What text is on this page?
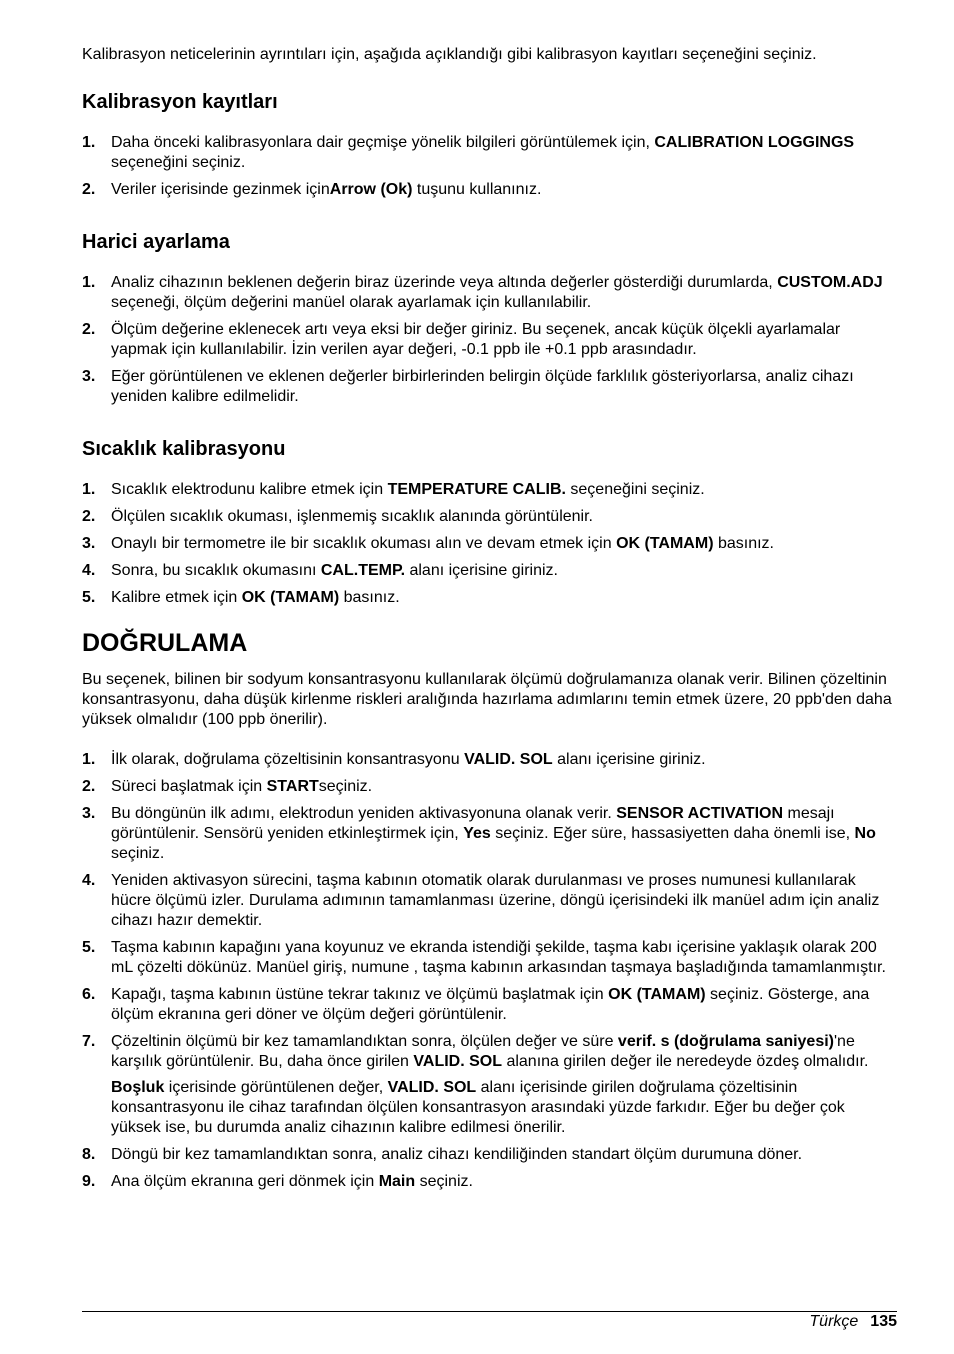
Kalibrasyon neticelerinin ayrıntıları için, aşağıda açıklandığı gibi kalibrasyon kayıtları seçeneğini seçiniz.

Kalibrasyon kayıtları
1. Daha önceki kalibrasyonlara dair geçmişe yönelik bilgileri görüntülemek için, CALIBRATION LOGGINGS seçeneğini seçiniz.
2. Veriler içerisinde gezinmek içinArrow (Ok) tuşunu kullanınız.
Harici ayarlama
1. Analiz cihazının beklenen değerin biraz üzerinde veya altında değerler gösterdiği durumlarda, CUSTOM.ADJ seçeneği, ölçüm değerini manüel olarak ayarlamak için kullanılabilir.
2. Ölçüm değerine eklenecek artı veya eksi bir değer giriniz. Bu seçenek, ancak küçük ölçekli ayarlamalar yapmak için kullanılabilir. İzin verilen ayar değeri, -0.1 ppb ile +0.1 ppb arasındadır.
3. Eğer görüntülenen ve eklenen değerler birbirlerinden belirgin ölçüde farklılık gösteriyorlarsa, analiz cihazı yeniden kalibre edilmelidir.
Sıcaklık kalibrasyonu
1. Sıcaklık elektrodunu kalibre etmek için TEMPERATURE CALIB. seçeneğini seçiniz.
2. Ölçülen sıcaklık okuması, işlenmemiş sıcaklık alanında görüntülenir.
3. Onaylı bir termometre ile bir sıcaklık okuması alın ve devam etmek için OK (TAMAM) basınız.
4. Sonra, bu sıcaklık okumasını CAL.TEMP. alanı içerisine giriniz.
5. Kalibre etmek için OK (TAMAM) basınız.
DOĞRULAMA

Bu seçenek, bilinen bir sodyum konsantrasyonu kullanılarak ölçümü doğrulamanıza olanak verir. Bilinen çözeltinin konsantrasyonu, daha düşük kirlenme riskleri aralığında hazırlama adımlarını temin etmek üzere, 20 ppb'den daha yüksek olmalıdır (100 ppb önerilir).

1. İlk olarak, doğrulama çözeltisinin konsantrasyonu VALID. SOL alanı içerisine giriniz.
2. Süreci başlatmak için STARTseçiniz.
3. Bu döngünün ilk adımı, elektrodun yeniden aktivasyonuna olanak verir. SENSOR ACTIVATION mesajı görüntülenir. Sensörü yeniden etkinleştirmek için, Yes seçiniz. Eğer süre, hassasiyetten daha önemli ise, No seçiniz.
4. Yeniden aktivasyon sürecini, taşma kabının otomatik olarak durulanması ve proses numunesi kullanılarak hücre ölçümü izler. Durulama adımının tamamlanması üzerine, döngü içerisindeki ilk manüel adım için analiz cihazı hazır demektir.
5. Taşma kabının kapağını yana koyunuz ve ekranda istendiği şekilde, taşma kabı içerisine yaklaşık olarak 200 mL çözelti dökünüz. Manüel giriş, numune , taşma kabının arkasından taşmaya başladığında tamamlanmıştır.
6. Kapağı, taşma kabının üstüne tekrar takınız ve ölçümü başlatmak için OK (TAMAM) seçiniz. Gösterge, ana ölçüm ekranına geri döner ve ölçüm değeri görüntülenir.
7. Çözeltinin ölçümü bir kez tamamlandıktan sonra, ölçülen değer ve süre verif. s (doğrulama saniyesi)'ne karşılık görüntülenir. Bu, daha önce girilen VALID. SOL alanına girilen değer ile neredeyde özdeş olmalıdır.
Boşluk içerisinde görüntülenen değer, VALID. SOL alanı içerisinde girilen doğrulama çözeltisinin konsantrasyonu ile cihaz tarafından ölçülen konsantrasyon arasındaki yüzde farkıdır. Eğer bu değer çok yüksek ise, bu durumda analiz cihazının kalibre edilmesi önerilir.
8. Döngü bir kez tamamlandıktan sonra, analiz cihazı kendiliğinden standart ölçüm durumuna döner.
9. Ana ölçüm ekranına geri dönmek için Main seçiniz.
Türkçe 135
